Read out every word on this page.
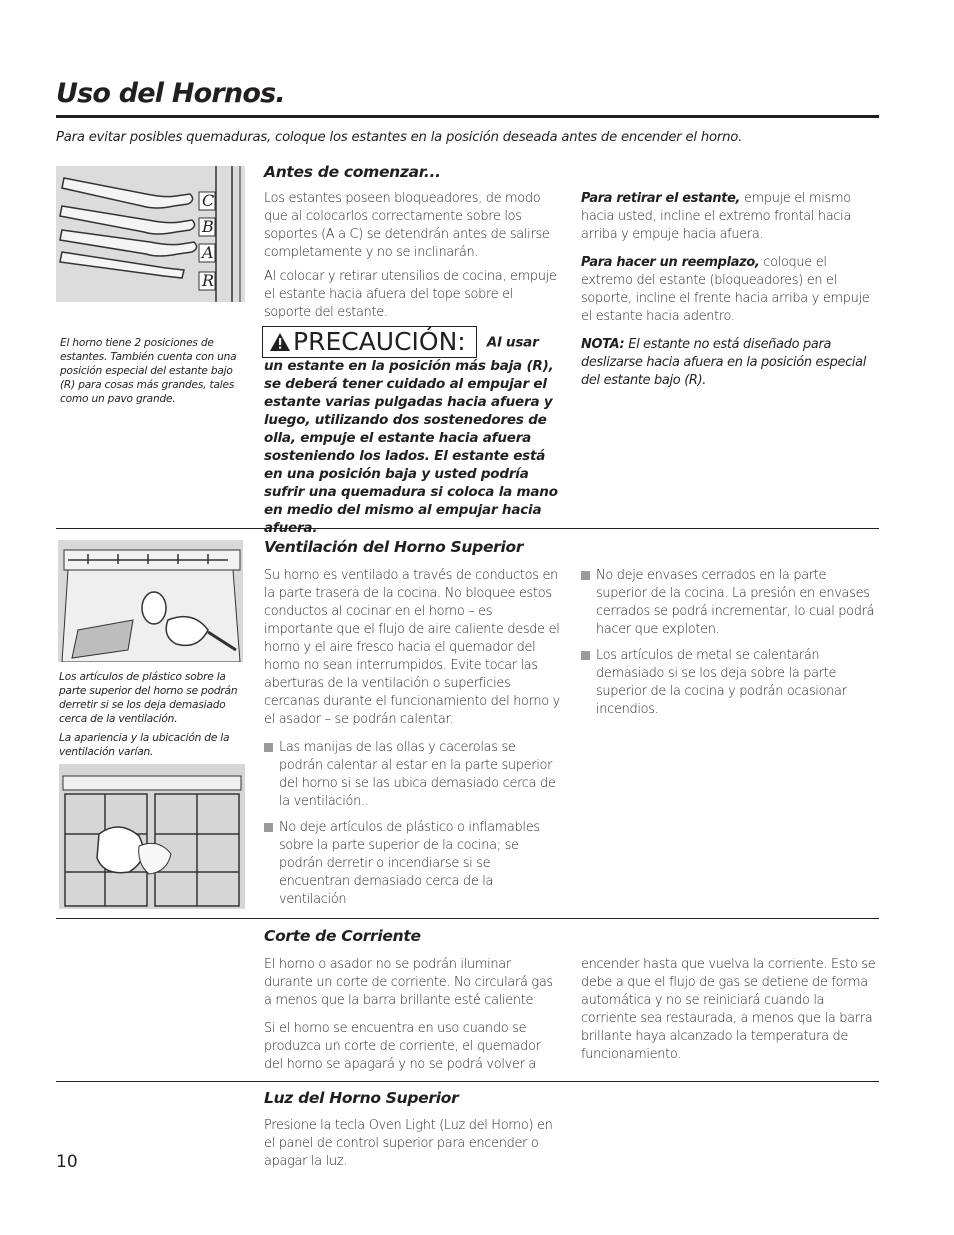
Uso del Hornos.
Para evitar posibles quemaduras, coloque los estantes en la posición deseada antes de encender el horno.
C
B
A
R
El horno tiene 2 posiciones de estantes. También cuenta con una posición especial del estante bajo (R) para cosas más grandes, tales como un pavo grande.
Antes de comenzar...

Los estantes poseen bloqueadores, de modo que al colocarlos correctamente sobre los soportes (A a C) se detendrán antes de salirse completamente y no se inclinarán.

Al colocar y retirar utensilios de cocina, empuje el estante hacia afuera del tope sobre el soporte del estante.

PRECAUCIÓN: Al usar
un estante en la posición más baja (R), se deberá tener cuidado al empujar el estante varias pulgadas hacia afuera y luego, utilizando dos sostenedores de olla, empuje el estante hacia afuera sosteniendo los lados. El estante está en una posición baja y usted podría sufrir una quemadura si coloca la mano en medio del mismo al empujar hacia afuera.

Para retirar el estante, empuje el mismo hacia usted, incline el extremo frontal hacia arriba y empuje hacia afuera.

Para hacer un reemplazo, coloque el extremo del estante (bloqueadores) en el soporte, incline el frente hacia arriba y empuje el estante hacia adentro.

NOTA: El estante no está diseñado para deslizarse hacia afuera en la posición especial del estante bajo (R).

Los artículos de plástico sobre la parte superior del horno se podrán derretir si se los deja demasiado cerca de la ventilación.
La apariencia y la ubicación de la ventilación varían.
Ventilación del Horno Superior

Su horno es ventilado a través de conductos en la parte trasera de la cocina. No bloquee estos conductos al cocinar en el horno – es importante que el flujo de aire caliente desde el horno y el aire fresco hacia el quemador del horno no sean interrumpidos. Evite tocar las aberturas de la ventilación o superficies cercanas durante el funcionamiento del horno y el asador – se podrán calentar.

Las manijas de las ollas y cacerolas se podrán calentar al estar en la parte superior del horno si se las ubica demasiado cerca de la ventilación..
No deje artículos de plástico o inflamables sobre la parte superior de la cocina; se podrán derretir o incendiarse si se encuentran demasiado cerca de la ventilación
No deje envases cerrados en la parte superior de la cocina. La presión en envases cerrados se podrá incrementar, lo cual podrá hacer que exploten.
Los artículos de metal se calentarán demasiado si se los deja sobre la parte superior de la cocina y podrán ocasionar incendios.
Corte de Corriente

El horno o asador no se podrán iluminar durante un corte de corriente. No circulará gas a menos que la barra brillante esté caliente

Si el horno se encuentra en uso cuando se produzca un corte de corriente, el quemador del horno se apagará y no se podrá volver a

encender hasta que vuelva la corriente. Esto se debe a que el flujo de gas se detiene de forma automática y no se reiniciará cuando la corriente sea restaurada, a menos que la barra brillante haya alcanzado la temperatura de funcionamiento.

Luz del Horno Superior

Presione la tecla Oven Light (Luz del Horno) en el panel de control superior para encender o apagar la luz.

10
